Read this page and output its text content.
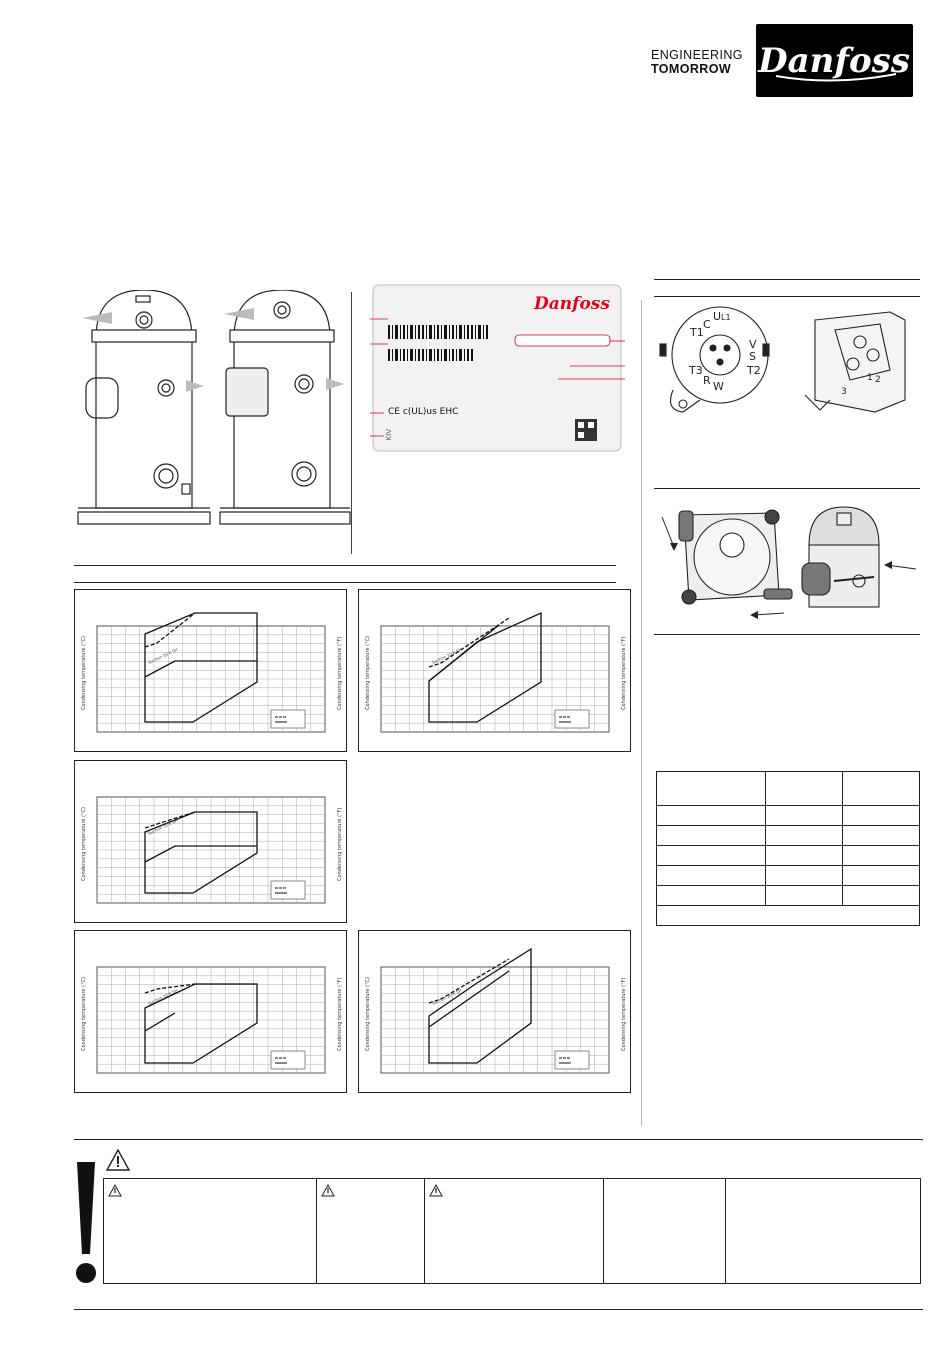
ENGINEERING
TOMORROW Danfoss
Danfoss
CE c(UL)us EHC
ɅIꓘ
T1
C
U L1
V
S
T2
T3
R W
1 2
3

Suction 10 K SH
Condensing temperature (°C)	Condensing temperature (°F)	Suction 10 K SH
Condensing temperature (°C)	Condensing temperature (°F)
Suction 10 K SH
Condensing temperature (°C)	Condensing temperature (°F)
Suction 10 K SH
Condensing temperature (°C)	Condensing temperature (°F)	Suction 10 K SH
Condensing temperature (°C)	Condensing temperature (°F)
